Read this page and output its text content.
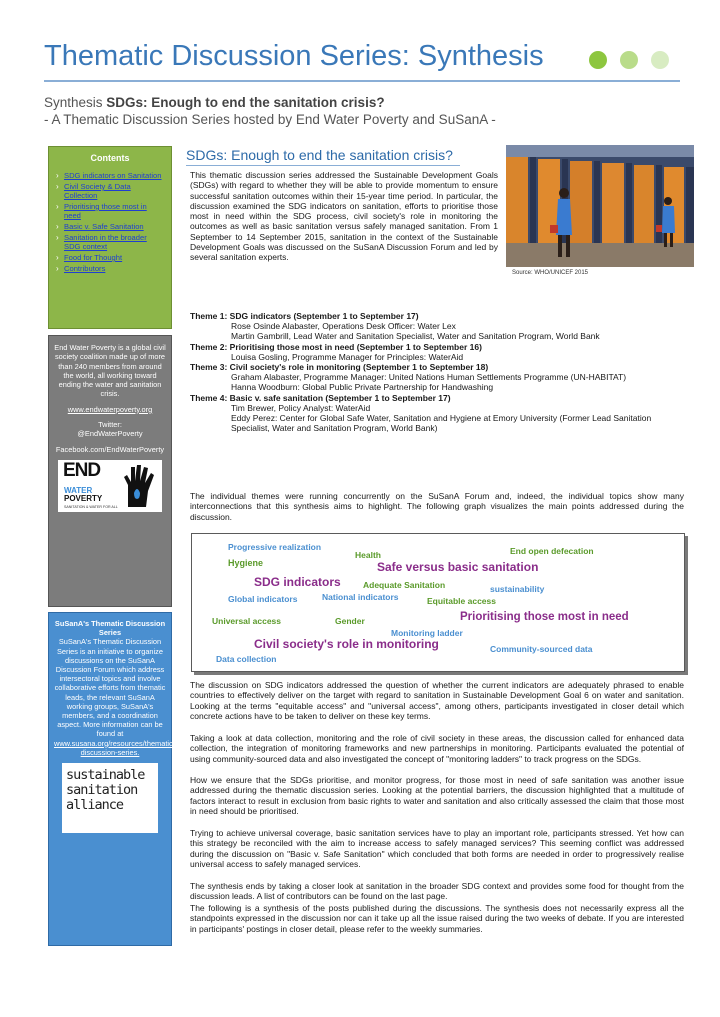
Thematic Discussion Series: Synthesis
Synthesis SDGs: Enough to end the sanitation crisis?
- A Thematic Discussion Series hosted by End Water Poverty and SuSanA -
Contents
› SDG indicators on Sanitation
› Civil Society & Data Collection
› Prioritising those most in need
› Basic v. Safe Sanitation
› Sanitation in the broader SDG context
› Food for Thought
› Contributors

End Water Poverty is a global civil society coalition made up of more than 240 members from around the world, all working toward ending the water and sanitation crisis.

www.endwaterpoverty.org

Twitter:
@EndWaterPoverty

Facebook.com/EndWaterPoverty

END
WATER
POVERTY
SANITATION & WATER FOR ALL

SuSanA's Thematic Discussion Series

SuSanA's Thematic Discussion Series is an initiative to organize discussions on the SuSanA Discussion Forum which address intersectoral topics and involve collaborative efforts from thematic leads, the relevant SuSanA working groups, SuSanA's members, and a coordination aspect. More information can be found at

www.susana.org/resources/thematic-discussion-series.

sustainable
sanitation
alliance
SDGs: Enough to end the sanitation crisis?

This thematic discussion series addressed the Sustainable Development Goals (SDGs) with regard to whether they will be able to provide momentum to ensure successful sanitation outcomes within their 15-year time period. In particular, the discussion examined the SDG indicators on sanitation, efforts to prioritise those most in need within the SDG process, civil society's role in monitoring the outcomes as well as basic sanitation versus safely managed sanitation. From 1 September to 14 September 2015, sanitation in the context of the Sustainable Development Goals was discussed on the SuSanA Discussion Forum and led by several sanitation experts.

Source: WHO/UNICEF 2015

Theme 1: SDG indicators (September 1 to September 17)

Rose Osinde Alabaster, Operations Desk Officer: Water Lex

Martin Gambrill, Lead Water and Sanitation Specialist, Water and Sanitation Program, World Bank

Theme 2: Prioritising those most in need (September 1 to September 16)

Louisa Gosling, Programme Manager for Principles: WaterAid

Theme 3: Civil society's role in monitoring (September 1 to September 18)

Graham Alabaster, Programme Manager: United Nations Human Settlements Programme (UN-HABITAT)

Hanna Woodburn: Global Public Private Partnership for Handwashing

Theme 4: Basic v. safe sanitation (September 1 to September 17)

Tim Brewer, Policy Analyst: WaterAid

Eddy Perez: Center for Global Safe Water, Sanitation and Hygiene at Emory University (Former Lead Sanitation Specialist, Water and Sanitation Program, World Bank)

The individual themes were running concurrently on the SuSanA Forum and, indeed, the individual topics show many interconnections that this synthesis aims to highlight. The following graph visualizes the main points addressed during the discussion.

Progressive realization
Health	End open defecation
Hygiene	Safe versus basic sanitation
SDG indicators	Adequate Sanitation	sustainability
Global indicators	National indicators	Equitable access
Universal access	Gender	Prioritising those most in need
Monitoring ladder
Civil society's role in monitoring	Community-sourced data
Data collection

The discussion on SDG indicators addressed the question of whether the current indicators are adequately phrased to enable countries to effectively deliver on the target with regard to sanitation in Sustainable Development Goal 6 on water and sanitation. Looking at the terms "equitable access" and "universal access", among others, participants investigated in closer detail which concrete actions have to be taken to deliver on these key terms.

Taking a look at data collection, monitoring and the role of civil society in these areas, the discussion called for enhanced data collection, the integration of monitoring frameworks and new partnerships in monitoring. Participants evaluated the potential of using community-sourced data and also investigated the concept of "monitoring ladders" to track progress on the SDGs.

How we ensure that the SDGs prioritise, and monitor progress, for those most in need of safe sanitation was another issue addressed during the thematic discussion series. Looking at the potential barriers, the discussion highlighted that a multitude of factors interact to result in exclusion from basic rights to water and sanitation and also critically assessed the claim that those most in need should be prioritised.

Trying to achieve universal coverage, basic sanitation services have to play an important role, participants stressed. Yet how can this strategy be reconciled with the aim to increase access to safely managed services? This seeming conflict was addressed during the discussion on "Basic v. Safe Sanitation" which concluded that both forms are needed in order to progressively realise universal access to safely managed services.

The synthesis ends by taking a closer look at sanitation in the broader SDG context and provides some food for thought from the discussion leads. A list of contributors can be found on the last page.

The following is a synthesis of the posts published during the discussions. The synthesis does not necessarily express all the standpoints expressed in the discussion nor can it take up all the issue raised during the two weeks of debate. If you are interested in participants' postings in closer detail, please refer to the weekly summaries.
